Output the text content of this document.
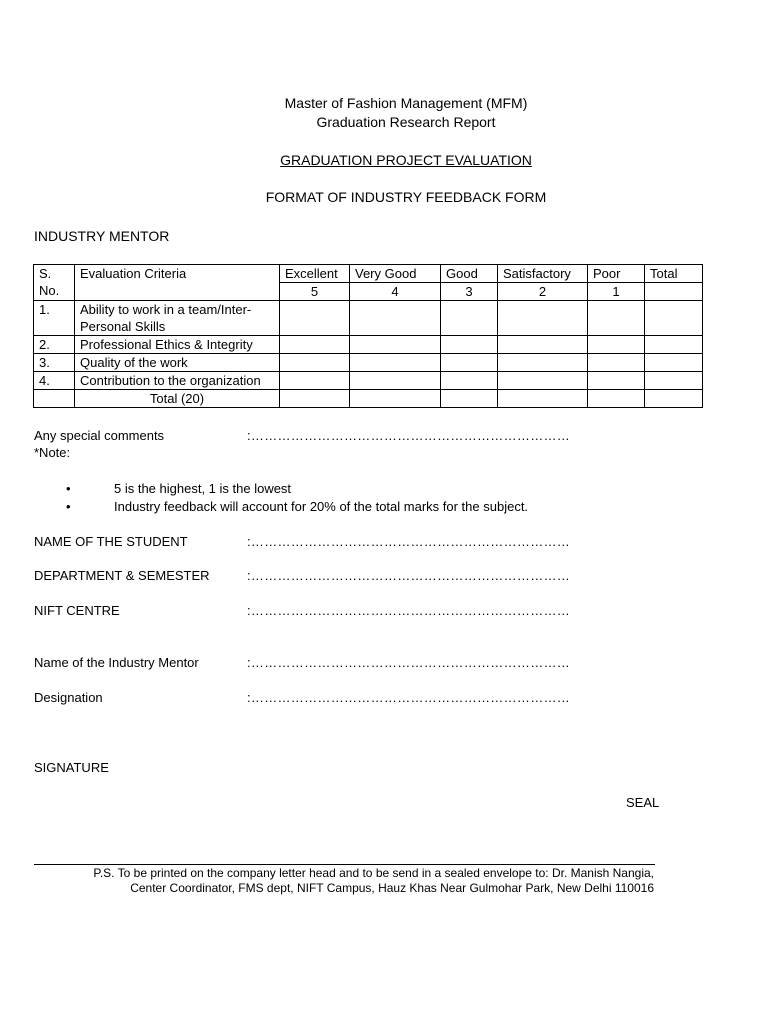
Master of Fashion Management (MFM)
Graduation Research Report
GRADUATION PROJECT EVALUATION
FORMAT OF INDUSTRY FEEDBACK FORM
INDUSTRY MENTOR
S.
No.	Evaluation Criteria	Excellent	Very Good	Good	Satisfactory	Poor	Total
		5	4	3	2	1	
1.	Ability to work in a team/Inter-
Personal Skills						
2.	Professional Ethics & Integrity						
3.	Quality of the work						
4.	Contribution to the organization						
	Total (20)						
Any special comments	:………………………………………………………………
*Note:
•	5 is the highest, 1 is the lowest
•	Industry feedback will account for 20% of the total marks for the subject.
NAME OF THE STUDENT	:………………………………………………………………
DEPARTMENT & SEMESTER	:………………………………………………………………
NIFT CENTRE	:………………………………………………………………
Name of the Industry Mentor	:………………………………………………………………
Designation	:………………………………………………………………
SIGNATURE
SEAL
P.S. To be printed on the company letter head and to be send in a sealed envelope to: Dr. Manish Nangia,
Center Coordinator, FMS dept, NIFT Campus, Hauz Khas Near Gulmohar Park, New Delhi 110016
